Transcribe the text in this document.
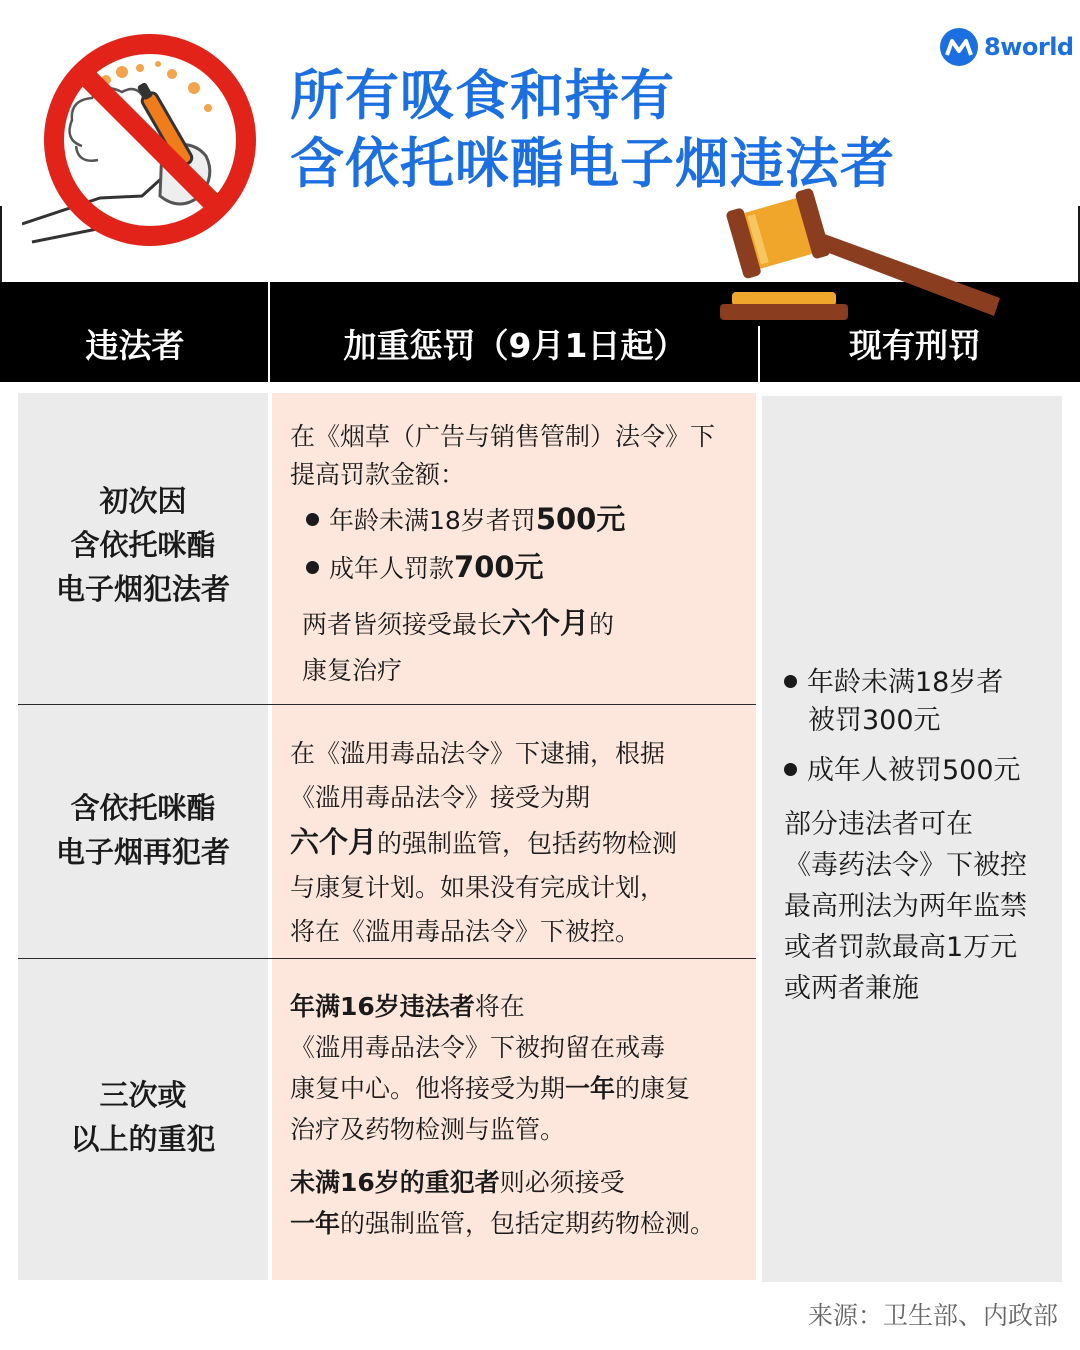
所有吸食和持有
含依托咪酯电子烟违法者
8world
违法者	加重惩罚（9月1日起）	现有刑罚
初次因
含依托咪酯
电子烟犯法者
在《烟草（广告与销售管制）法令》下
提高罚款金额：
年龄未满18岁者罚500元
成年人罚款700元
两者皆须接受最长六个月的
康复治疗
含依托咪酯
电子烟再犯者
在《滥用毒品法令》下逮捕，根据
《滥用毒品法令》接受为期
六个月的强制监管，包括药物检测
与康复计划。如果没有完成计划，
将在《滥用毒品法令》下被控。
三次或
以上的重犯
年满16岁违法者将在
《滥用毒品法令》下被拘留在戒毒
康复中心。他将接受为期一年的康复
治疗及药物检测与监管。
未满16岁的重犯者则必须接受
一年的强制监管，包括定期药物检测。
年龄未满18岁者
被罚300元
成年人被罚500元
部分违法者可在
《毒药法令》下被控
最高刑法为两年监禁
或者罚款最高1万元
或两者兼施
来源：卫生部、内政部
